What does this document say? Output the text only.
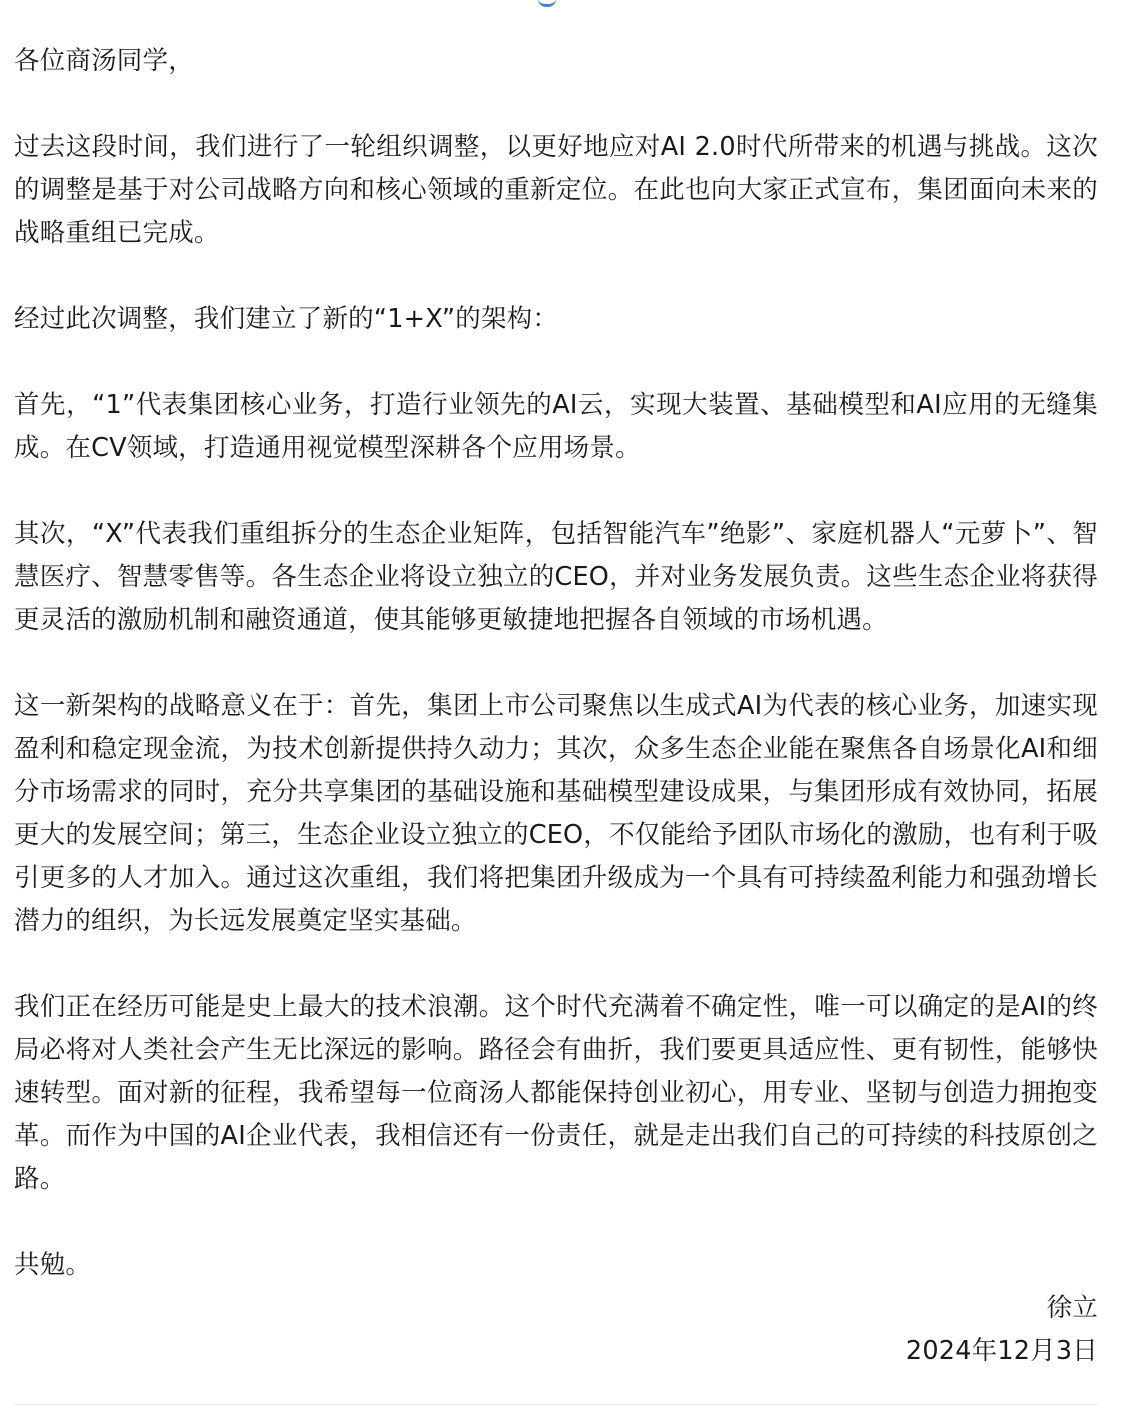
各位商汤同学，

过去这段时间，我们进行了一轮组织调整，以更好地应对AI 2.0时代所带来的机遇与挑战。这次的调整是基于对公司战略方向和核心领域的重新定位。在此也向大家正式宣布，集团面向未来的战略重组已完成。

经过此次调整，我们建立了新的“1+X”的架构：

首先，“1”代表集团核心业务，打造行业领先的AI云，实现大装置、基础模型和AI应用的无缝集成。在CV领域，打造通用视觉模型深耕各个应用场景。

其次，“X”代表我们重组拆分的生态企业矩阵，包括智能汽车”绝影”、家庭机器人“元萝卜”、智慧医疗、智慧零售等。各生态企业将设立独立的CEO，并对业务发展负责。这些生态企业将获得更灵活的激励机制和融资通道，使其能够更敏捷地把握各自领域的市场机遇。

这一新架构的战略意义在于：首先，集团上市公司聚焦以生成式AI为代表的核心业务，加速实现盈利和稳定现金流，为技术创新提供持久动力；其次，众多生态企业能在聚焦各自场景化AI和细分市场需求的同时，充分共享集团的基础设施和基础模型建设成果，与集团形成有效协同，拓展更大的发展空间；第三，生态企业设立独立的CEO，不仅能给予团队市场化的激励，也有利于吸引更多的人才加入。通过这次重组，我们将把集团升级成为一个具有可持续盈利能力和强劲增长潜力的组织，为长远发展奠定坚实基础。

我们正在经历可能是史上最大的技术浪潮。这个时代充满着不确定性，唯一可以确定的是AI的终局必将对人类社会产生无比深远的影响。路径会有曲折，我们要更具适应性、更有韧性，能够快速转型。面对新的征程，我希望每一位商汤人都能保持创业初心，用专业、坚韧与创造力拥抱变革。而作为中国的AI企业代表，我相信还有一份责任，就是走出我们自己的可持续的科技原创之路。

共勉。

徐立

2024年12月3日
